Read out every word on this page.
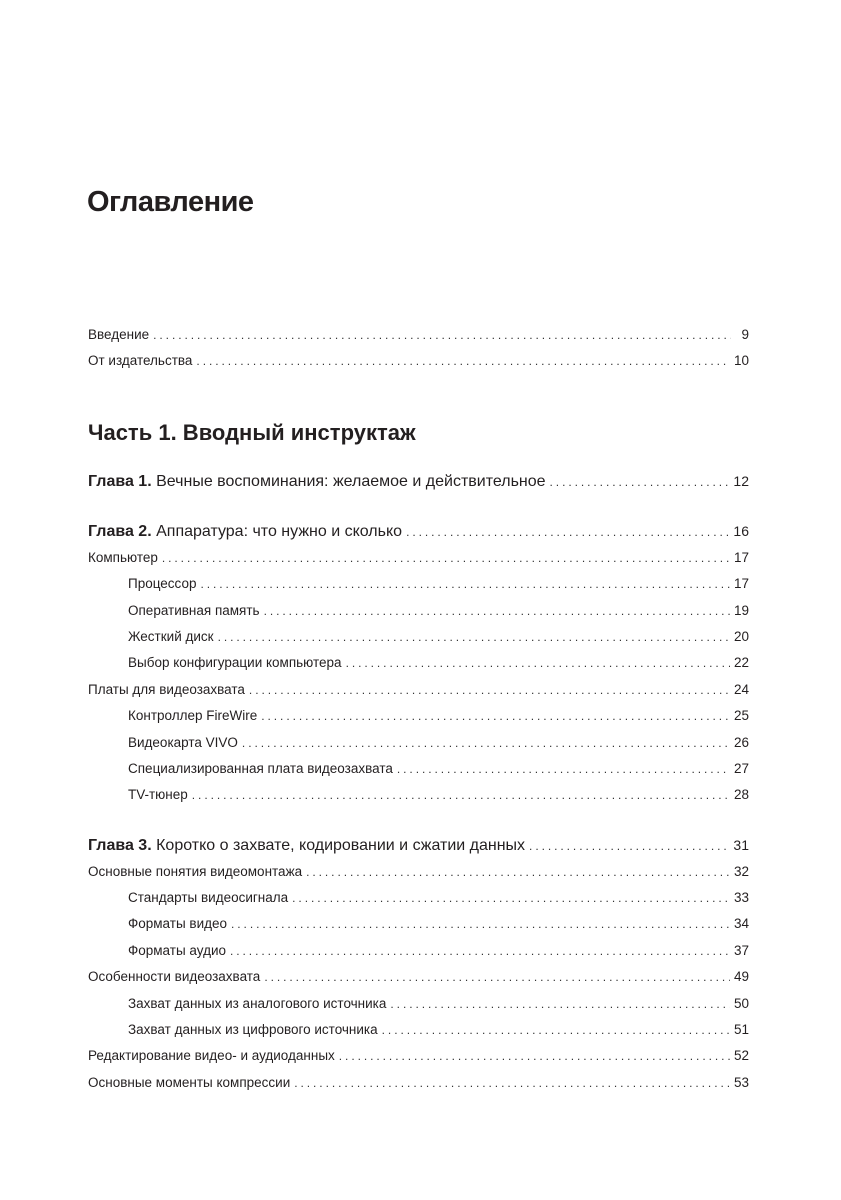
Оглавление
Введение . . .	9
От издательства . . .	10
Часть 1. Вводный инструктаж
Глава 1. Вечные воспоминания: желаемое и действительное . . .	12
Глава 2. Аппаратура: что нужно и сколько . . .	16
Компьютер . . .	17
Процессор . . .	17
Оперативная память . . .	19
Жесткий диск . . .	20
Выбор конфигурации компьютера . . .	22
Платы для видеозахвата . . .	24
Контроллер FireWire . . .	25
Видеокарта VIVO . . .	26
Специализированная плата видеозахвата . . .	27
TV-тюнер . . .	28
Глава 3. Коротко о захвате, кодировании и сжатии данных . . .	31
Основные понятия видеомонтажа . . .	32
Стандарты видеосигнала . . .	33
Форматы видео . . .	34
Форматы аудио . . .	37
Особенности видеозахвата . . .	49
Захват данных из аналогового источника . . .	50
Захват данных из цифрового источника . . .	51
Редактирование видео- и аудиоданных . . .	52
Основные моменты компрессии . . .	53
